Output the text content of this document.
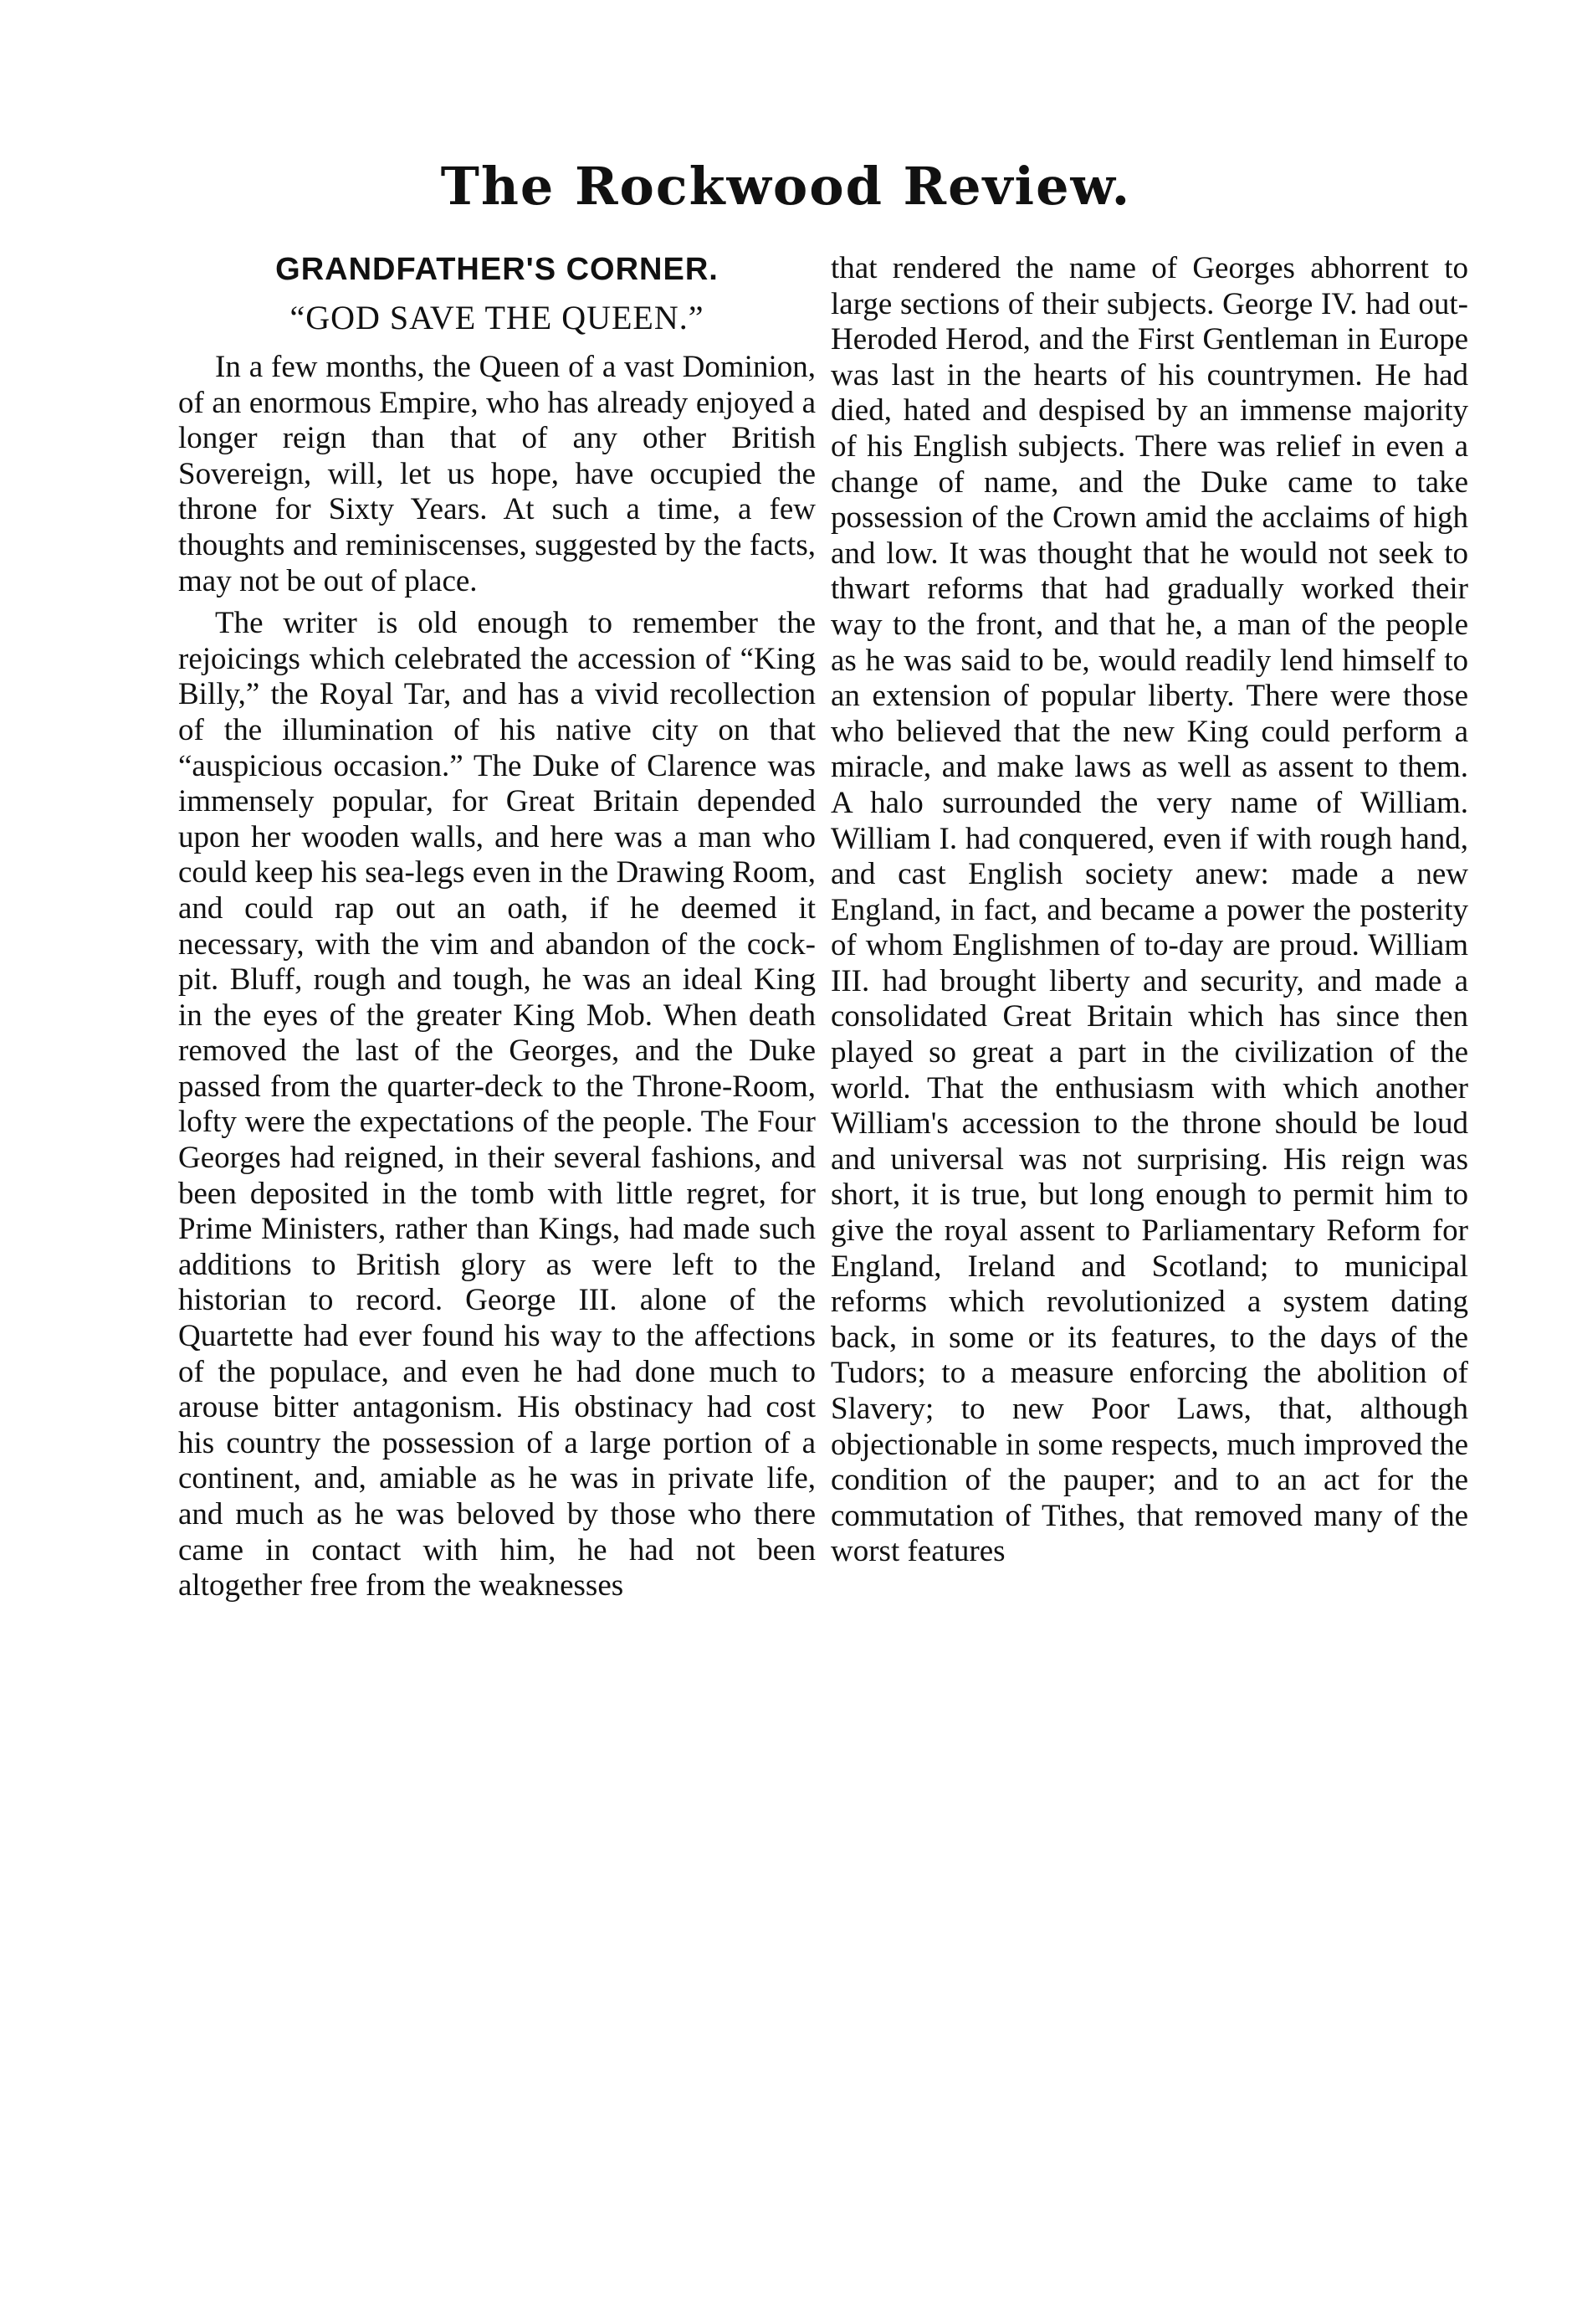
The Rockwood Review.
GRANDFATHER'S CORNER.
“GOD SAVE THE QUEEN.”

In a few months, the Queen of a vast Dominion, of an enormous Empire, who has already enjoyed a longer reign than that of any other British Sovereign, will, let us hope, have occupied the throne for Sixty Years. At such a time, a few thoughts and reminiscenses, suggested by the facts, may not be out of place.

The writer is old enough to remember the rejoicings which celebrated the accession of “King Billy,” the Royal Tar, and has a vivid recollection of the illumination of his native city on that “auspicious occasion.” The Duke of Clarence was immensely popular, for Great Britain depended upon her wooden walls, and here was a man who could keep his sea-legs even in the Drawing Room, and could rap out an oath, if he deemed it necessary, with the vim and abandon of the cock-pit. Bluff, rough and tough, he was an ideal King in the eyes of the greater King Mob. When death removed the last of the Georges, and the Duke passed from the quarter-deck to the Throne-Room, lofty were the expectations of the people. The Four Georges had reigned, in their several fashions, and been deposited in the tomb with little regret, for Prime Ministers, rather than Kings, had made such additions to British glory as were left to the historian to record. George III. alone of the Quartette had ever found his way to the affections of the populace, and even he had done much to arouse bitter antagonism. His obstinacy had cost his country the possession of a large portion of a continent, and, amiable as he was in private life, and much as he was beloved by those who there came in contact with him, he had not been altogether free from the weaknesses

that rendered the name of Georges abhorrent to large sections of their subjects. George IV. had out-Heroded Herod, and the First Gentleman in Europe was last in the hearts of his countrymen. He had died, hated and despised by an immense majority of his English subjects. There was relief in even a change of name, and the Duke came to take possession of the Crown amid the acclaims of high and low. It was thought that he would not seek to thwart reforms that had gradually worked their way to the front, and that he, a man of the people as he was said to be, would readily lend himself to an extension of popular liberty. There were those who believed that the new King could perform a miracle, and make laws as well as assent to them. A halo surrounded the very name of William. William I. had conquered, even if with rough hand, and cast English society anew: made a new England, in fact, and became a power the posterity of whom Englishmen of to-day are proud. William III. had brought liberty and security, and made a consolidated Great Britain which has since then played so great a part in the civilization of the world. That the enthusiasm with which another William's accession to the throne should be loud and universal was not surprising. His reign was short, it is true, but long enough to permit him to give the royal assent to Parliamentary Reform for England, Ireland and Scotland; to municipal reforms which revolutionized a system dating back, in some or its features, to the days of the Tudors; to a measure enforcing the abolition of Slavery; to new Poor Laws, that, although objectionable in some respects, much improved the condition of the pauper; and to an act for the commutation of Tithes, that removed many of the worst features
